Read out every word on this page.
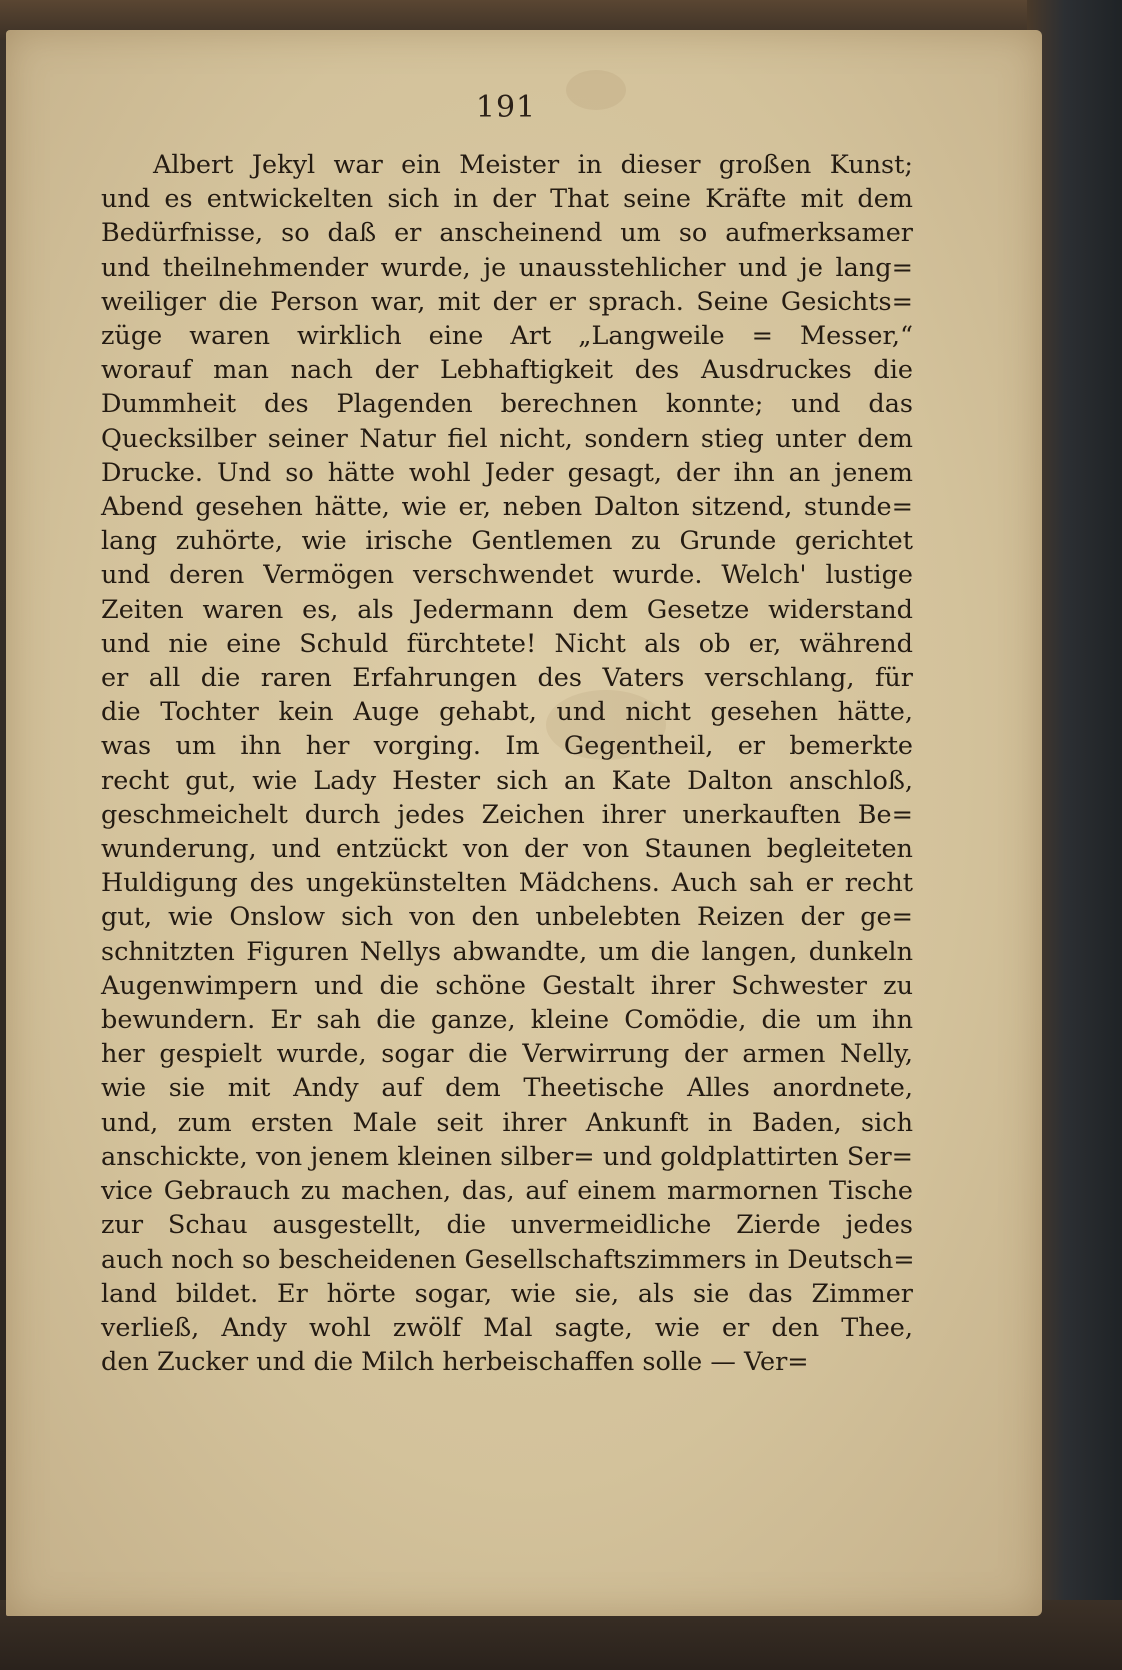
191
Albert Jekyl war ein Meister in dieser großen Kunst;
und es entwickelten sich in der That seine Kräfte mit dem
Bedürfnisse, so daß er anscheinend um so aufmerksamer
und theilnehmender wurde, je unausstehlicher und je lang=
weiliger die Person war, mit der er sprach. Seine Gesichts=
züge waren wirklich eine Art „Langweile = Messer,“
worauf man nach der Lebhaftigkeit des Ausdruckes die
Dummheit des Plagenden berechnen konnte; und das
Quecksilber seiner Natur fiel nicht, sondern stieg unter dem
Drucke. Und so hätte wohl Jeder gesagt, der ihn an jenem
Abend gesehen hätte, wie er, neben Dalton sitzend, stunde=
lang zuhörte, wie irische Gentlemen zu Grunde gerichtet
und deren Vermögen verschwendet wurde. Welch' lustige
Zeiten waren es, als Jedermann dem Gesetze widerstand
und nie eine Schuld fürchtete! Nicht als ob er, während
er all die raren Erfahrungen des Vaters verschlang, für
die Tochter kein Auge gehabt, und nicht gesehen hätte,
was um ihn her vorging. Im Gegentheil, er bemerkte
recht gut, wie Lady Hester sich an Kate Dalton anschloß,
geschmeichelt durch jedes Zeichen ihrer unerkauften Be=
wunderung, und entzückt von der von Staunen begleiteten
Huldigung des ungekünstelten Mädchens. Auch sah er recht
gut, wie Onslow sich von den unbelebten Reizen der ge=
schnitzten Figuren Nellys abwandte, um die langen, dunkeln
Augenwimpern und die schöne Gestalt ihrer Schwester zu
bewundern. Er sah die ganze, kleine Comödie, die um ihn
her gespielt wurde, sogar die Verwirrung der armen Nelly,
wie sie mit Andy auf dem Theetische Alles anordnete,
und, zum ersten Male seit ihrer Ankunft in Baden, sich
anschickte, von jenem kleinen silber= und goldplattirten Ser=
vice Gebrauch zu machen, das, auf einem marmornen Tische
zur Schau ausgestellt, die unvermeidliche Zierde jedes
auch noch so bescheidenen Gesellschaftszimmers in Deutsch=
land bildet. Er hörte sogar, wie sie, als sie das Zimmer
verließ, Andy wohl zwölf Mal sagte, wie er den Thee,
den Zucker und die Milch herbeischaffen solle — Ver=
